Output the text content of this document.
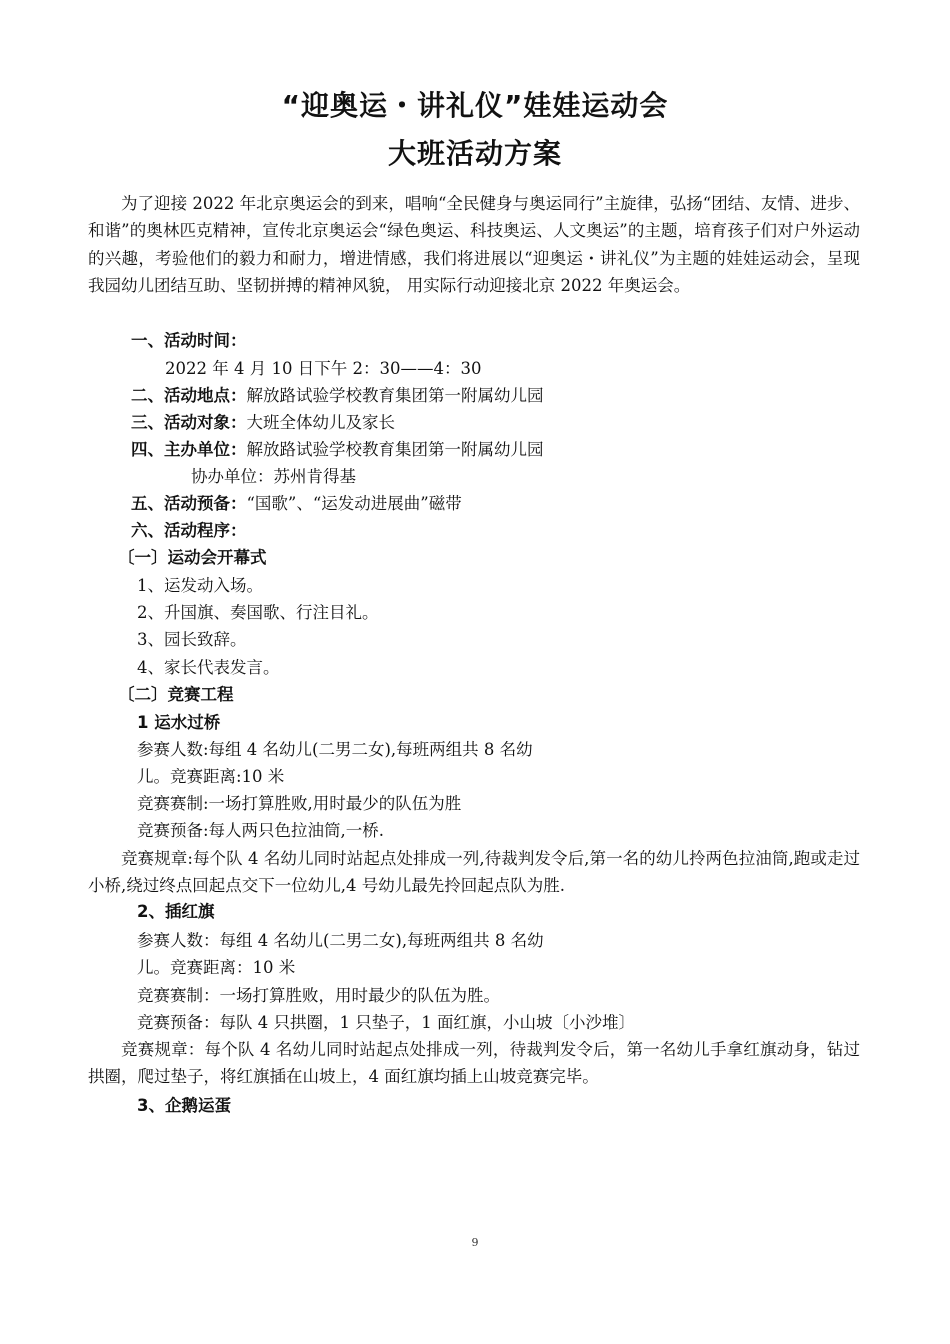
“迎奥运・讲礼仪”娃娃运动会
大班活动方案
为了迎接 2022 年北京奥运会的到来，唱响“全民健身与奥运同行”主旋律，弘扬“团结、友情、进步、和谐”的奥林匹克精神，宣传北京奥运会“绿色奥运、科技奥运、人文奥运”的主题，培育孩子们对户外运动的兴趣，考验他们的毅力和耐力，增进情感，我们将进展以“迎奥运・讲礼仪”为主题的娃娃运动会，呈现我园幼儿团结互助、坚韧拼搏的精神风貌， 用实际行动迎接北京 2022 年奥运会。
一、活动时间：
2022 年 4 月 10 日下午 2：30——4：30
二、活动地点：解放路试验学校教育集团第一附属幼儿园
三、活动对象：大班全体幼儿及家长
四、主办单位：解放路试验学校教育集团第一附属幼儿园
协办单位：苏州肯得基
五、活动预备：“国歌”、“运发动进展曲”磁带
六、活动程序：
〔一〕运动会开幕式
1、运发动入场。
2、升国旗、奏国歌、行注目礼。
3、园长致辞。
4、家长代表发言。
〔二〕竞赛工程
1 运水过桥
参赛人数:每组 4 名幼儿(二男二女),每班两组共 8 名幼
儿。竞赛距离:10 米
竞赛赛制:一场打算胜败,用时最少的队伍为胜
竞赛预备:每人两只色拉油筒,一桥.
竞赛规章:每个队 4 名幼儿同时站起点处排成一列,待裁判发令后,第一名的幼儿拎两色拉油筒,跑或走过小桥,绕过终点回起点交下一位幼儿,4 号幼儿最先拎回起点队为胜.
2、插红旗
参赛人数：每组 4 名幼儿(二男二女),每班两组共 8 名幼
儿。竞赛距离：10 米
竞赛赛制：一场打算胜败，用时最少的队伍为胜。
竞赛预备：每队 4 只拱圈，1 只垫子，1 面红旗，小山坡〔小沙堆〕
竞赛规章：每个队 4 名幼儿同时站起点处排成一列，待裁判发令后，第一名幼儿手拿红旗动身，钻过拱圈，爬过垫子，将红旗插在山坡上，4 面红旗均插上山坡竞赛完毕。
3、企鹅运蛋
9
